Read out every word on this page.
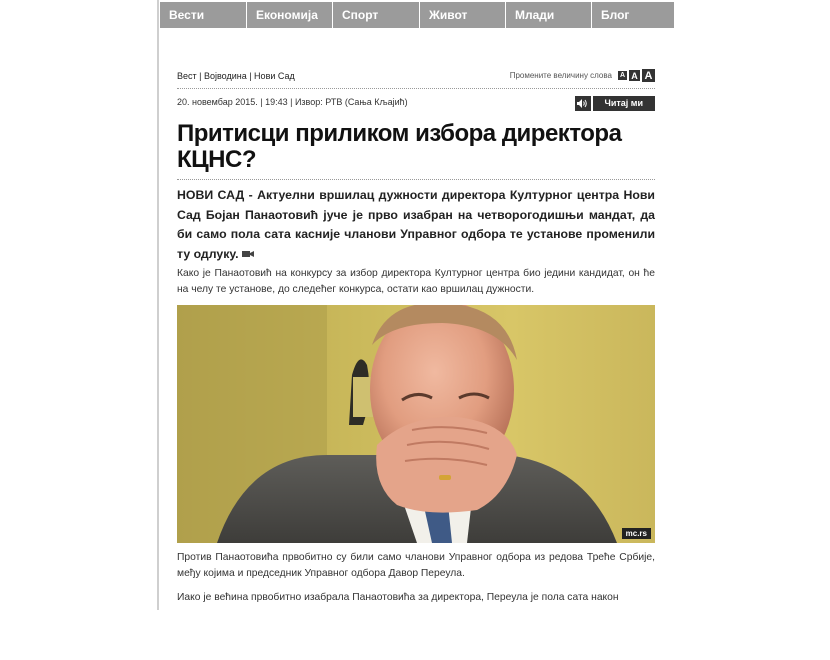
Вести	Економија	Спорт	Живот	Млади	Блог
Вест | Војводина | Нови Сад	Промените величину слова A A A
20. новембар 2015. | 19:43 | Извор: РТВ (Сања Кљајић)	Читај ми
Притисци приликом избора директора КЦНС?

НОВИ САД - Актуелни вршилац дужности директора Културног центра Нови Сад Бојан Панаотовић јуче је прво изабран на четворогодишњи мандат, да би само пола сата касније чланови Управног одбора те установе променили ту одлуку.

Како је Панаотовић на конкурсу за избор директора Културног центра био једини кандидат, он ће на челу те установе, до следећег конкурса, остати као вршилац дужности.

mc.rs

Против Панаотовића првобитно су били само чланови Управног одбора из редова Треће Србије, међу којима и председник Управног одбора Давор Переула.

Иако је већина првобитно изабрала Панаотовића за директора, Переула је пола сата након
